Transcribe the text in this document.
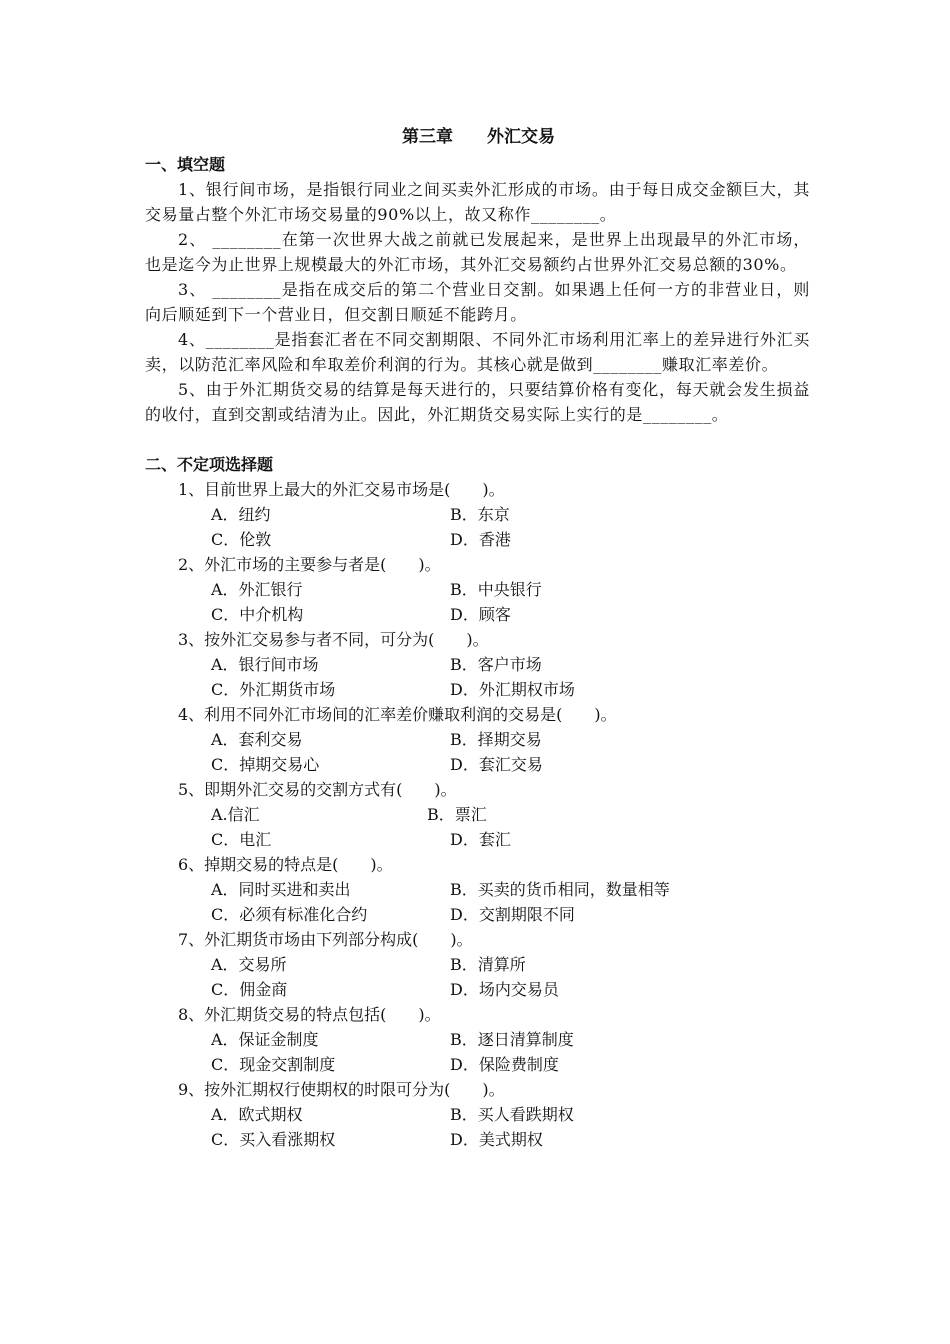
第三章 外汇交易
一、填空题
1、银行间市场，是指银行同业之间买卖外汇形成的市场。由于每日成交金额巨大，其交易量占整个外汇市场交易量的90%以上，故又称作________。
2、 ________在第一次世界大战之前就已发展起来，是世界上出现最早的外汇市场，也是迄今为止世界上规模最大的外汇市场，其外汇交易额约占世界外汇交易总额的30%。
3、 ________是指在成交后的第二个营业日交割。如果遇上任何一方的非营业日，则向后顺延到下一个营业日，但交割日顺延不能跨月。
4、________是指套汇者在不同交割期限、不同外汇市场利用汇率上的差异进行外汇买卖，以防范汇率风险和牟取差价利润的行为。其核心就是做到________赚取汇率差价。
5、由于外汇期货交易的结算是每天进行的，只要结算价格有变化，每天就会发生损益的收付，直到交割或结清为止。因此，外汇期货交易实际上实行的是________。
二、不定项选择题
1、目前世界上最大的外汇交易市场是(　　)。
A．纽约	B．东京
C．伦敦	D．香港
2、外汇市场的主要参与者是(　　)。
A．外汇银行	B．中央银行
C．中介机构	D．顾客
3、按外汇交易参与者不同，可分为(　　)。
A．银行间市场	B．客户市场
C．外汇期货市场	D．外汇期权市场
4、利用不同外汇市场间的汇率差价赚取利润的交易是(　　)。
A．套利交易	B．择期交易
C．掉期交易心	D．套汇交易
5、即期外汇交易的交割方式有(　　)。
A.信汇	B．票汇
C．电汇	D．套汇
6、掉期交易的特点是(　　)。
A．同时买进和卖出	B．买卖的货币相同，数量相等
C．必须有标准化合约	D．交割期限不同
7、外汇期货市场由下列部分构成(　　)。
A．交易所	B．清算所
C．佣金商	D．场内交易员
8、外汇期货交易的特点包括(　　)。
A．保证金制度	B．逐日清算制度
C．现金交割制度	D．保险费制度
9、按外汇期权行使期权的时限可分为(　　)。
A．欧式期权	B．买人看跌期权
C．买入看涨期权	D．美式期权
